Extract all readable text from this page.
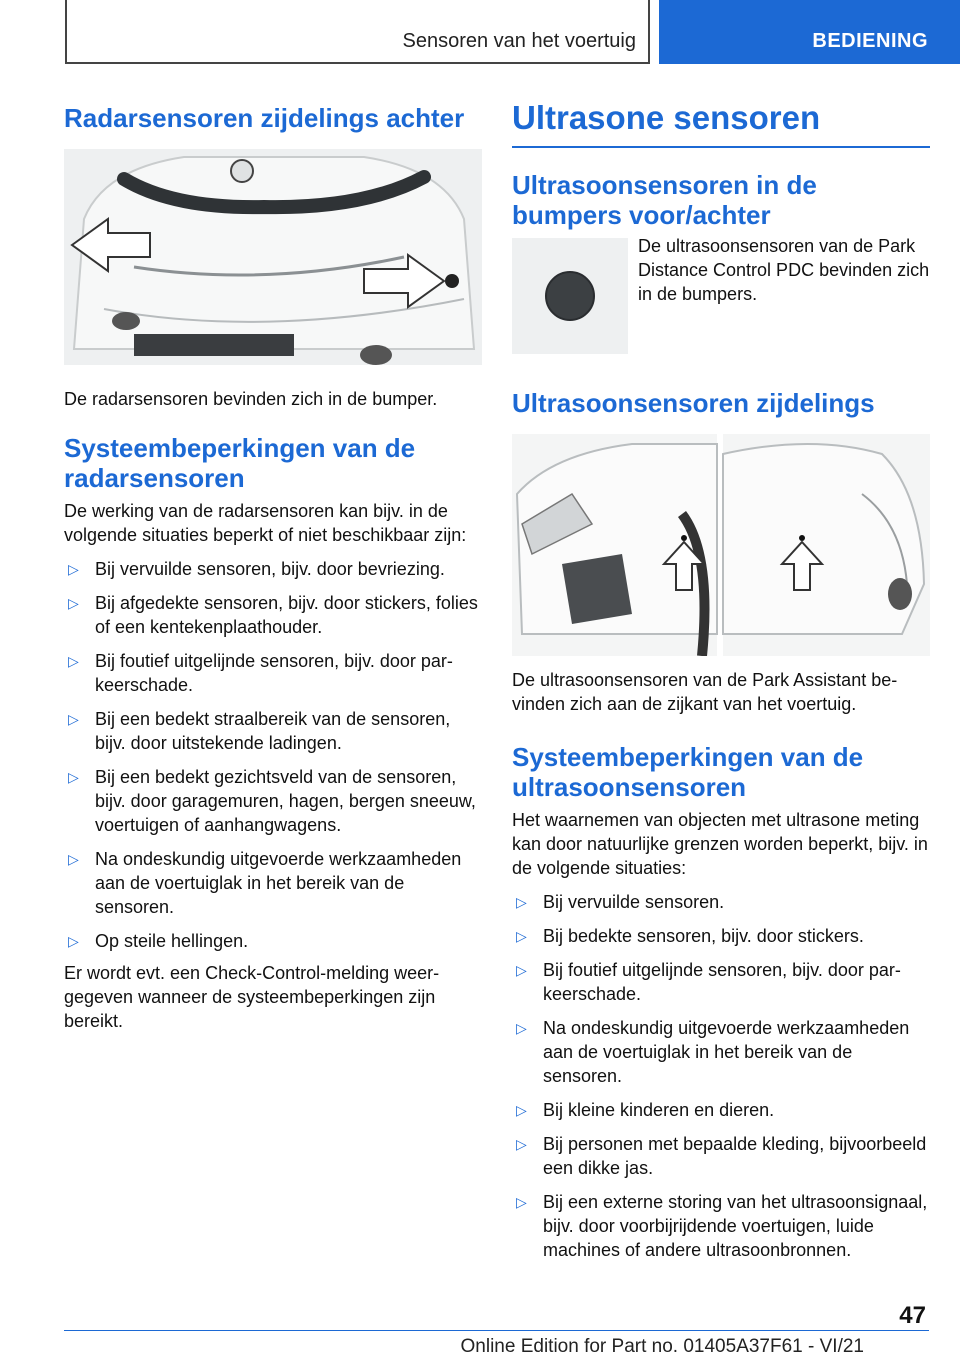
Sensoren van het voertuig	BEDIENING
Radarsensoren zijdelings achter

De radarsensoren bevinden zich in de bumper.

Systeembeperkingen van de radarsensoren

De werking van de radarsensoren kan bijv. in de volgende situaties beperkt of niet beschikbaar zijn:

▷ Bij vervuilde sensoren, bijv. door bevriezing.
▷ Bij afgedekte sensoren, bijv. door stickers, folies of een kentekenplaathouder.
▷ Bij foutief uitgelijnde sensoren, bijv. door parkeerschade.
▷ Bij een bedekt straalbereik van de sensoren, bijv. door uitstekende ladingen.
▷ Bij een bedekt gezichtsveld van de sensoren, bijv. door garagemuren, hagen, bergen sneeuw, voertuigen of aanhangwagens.
▷ Na ondeskundig uitgevoerde werkzaamheden aan de voertuiglak in het bereik van de sensoren.
▷ Op steile hellingen.

Er wordt evt. een Check-Control-melding weergegeven wanneer de systeembeperkingen zijn bereikt.

Ultrasone sensoren
Ultrasoonsensoren in de bumpers voor/achter

De ultrasoonsensoren van de Park Distance Control PDC bevinden zich in de bumpers.

Ultrasoonsensoren zijdelings

De ultrasoonsensoren van de Park Assistant bevinden zich aan de zijkant van het voertuig.

Systeembeperkingen van de ultrasoonsensoren

Het waarnemen van objecten met ultrasone meting kan door natuurlijke grenzen worden beperkt, bijv. in de volgende situaties:

▷ Bij vervuilde sensoren.
▷ Bij bedekte sensoren, bijv. door stickers.
▷ Bij foutief uitgelijnde sensoren, bijv. door parkeerschade.
▷ Na ondeskundig uitgevoerde werkzaamheden aan de voertuiglak in het bereik van de sensoren.
▷ Bij kleine kinderen en dieren.
▷ Bij personen met bepaalde kleding, bijvoorbeeld een dikke jas.
▷ Bij een externe storing van het ultrasoonsignaal, bijv. door voorbijrijdende voertuigen, luide machines of andere ultrasoonbronnen.
47
Online Edition for Part no. 01405A37F61 - VI/21
